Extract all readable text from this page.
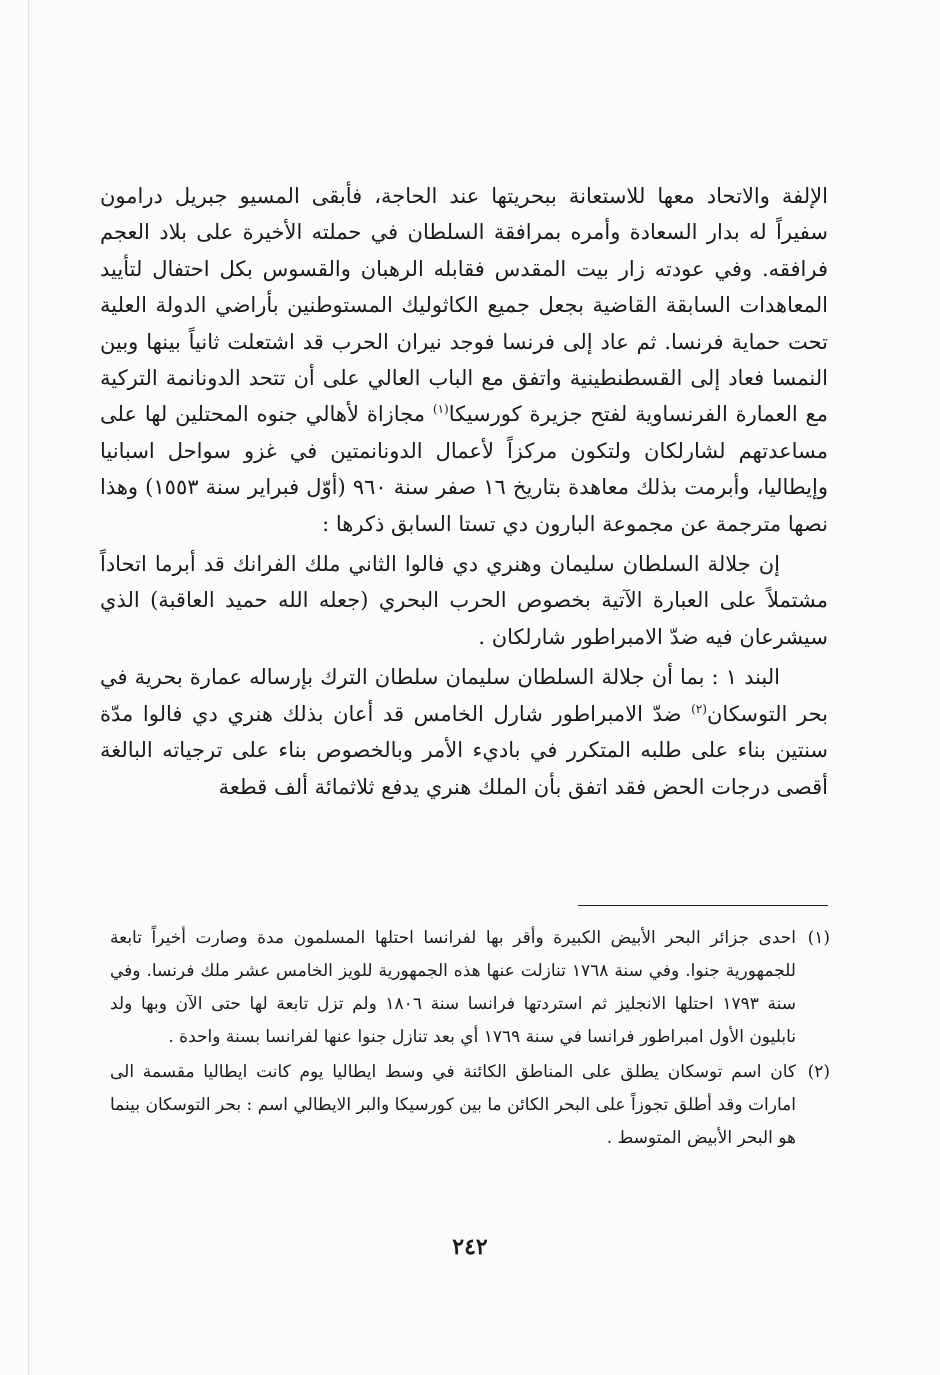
الإلفة والاتحاد معها للاستعانة ببحريتها عند الحاجة، فأبقى المسيو جبريل درامون سفيراً له بدار السعادة وأمره بمرافقة السلطان في حملته الأخيرة على بلاد العجم فرافقه. وفي عودته زار بيت المقدس فقابله الرهبان والقسوس بكل احتفال لتأييد المعاهدات السابقة القاضية بجعل جميع الكاثوليك المستوطنين بأراضي الدولة العلية تحت حماية فرنسا. ثم عاد إلى فرنسا فوجد نيران الحرب قد اشتعلت ثانياً بينها وبين النمسا فعاد إلى القسطنطينية واتفق مع الباب العالي على أن تتحد الدونانمة التركية مع العمارة الفرنساوية لفتح جزيرة كورسيكا$^{(١)}$ مجازاة لأهالي جنوه المحتلين لها على مساعدتهم لشارلكان ولتكون مركزاً لأعمال الدونانمتين في غزو سواحل اسبانيا وإيطاليا، وأبرمت بذلك معاهدة بتاريخ ١٦ صفر سنة ٩٦٠ (أوّل فبراير سنة ١٥٥٣) وهذا نصها مترجمة عن مجموعة البارون دي تستا السابق ذكرها :

إن جلالة السلطان سليمان وهنري دي فالوا الثاني ملك الفرانك قد أبرما اتحاداً مشتملاً على العبارة الآتية بخصوص الحرب البحري (جعله الله حميد العاقبة) الذي سيشرعان فيه ضدّ الامبراطور شارلكان .

البند ١ : بما أن جلالة السلطان سليمان سلطان الترك بإرساله عمارة بحرية في بحر التوسكان$^{(٢)}$ ضدّ الامبراطور شارل الخامس قد أعان بذلك هنري دي فالوا مدّة سنتين بناء على طلبه المتكرر في باديء الأمر وبالخصوص بناء على ترجياته البالغة أقصى درجات الحض فقد اتفق بأن الملك هنري يدفع ثلاثمائة ألف قطعة

(١)
احدى جزائر البحر الأبيض الكبيرة وأقر بها لفرانسا احتلها المسلمون مدة وصارت أخيراً تابعة للجمهورية جنوا. وفي سنة ١٧٦٨ تنازلت عنها هذه الجمهورية للويز الخامس عشر ملك فرنسا. وفي سنة ١٧٩٣ احتلها الانجليز ثم استردتها فرانسا سنة ١٨٠٦ ولم تزل تابعة لها حتى الآن وبها ولد نابليون الأول امبراطور فرانسا في سنة ١٧٦٩ أي بعد تنازل جنوا عنها لفرانسا بسنة واحدة .
(٢)
كان اسم توسكان يطلق على المناطق الكائنة في وسط ايطاليا يوم كانت ايطاليا مقسمة الى امارات وقد أطلق تجوزاً على البحر الكائن ما بين كورسيكا والبر الايطالي اسم : بحر التوسكان بينما هو البحر الأبيض المتوسط .
٢٤٢
